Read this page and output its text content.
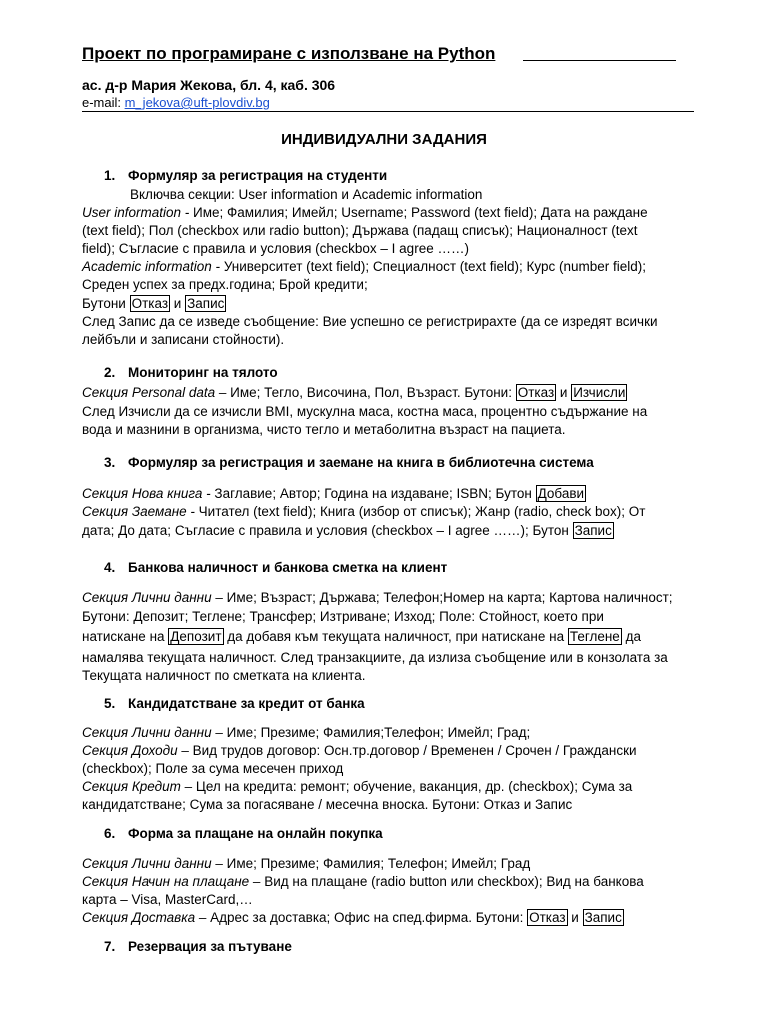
Проект по програмиране с използване на Python
ас. д-р Мария Жекова, бл. 4, каб. 306
e-mail: m_jekova@uft-plovdiv.bg
ИНДИВИДУАЛНИ ЗАДАНИЯ
1. Формуляр за регистрация на студенти
Включва секции: User information и Academic information
User information - Име; Фамилия; Имейл; Username; Password (text field); Дата на раждане
(text field); Пол (checkbox или radio button); Държава (падащ списък); Националност (text
field); Съгласие с правила и условия (checkbox – I agree ……)
Academic information - Университет (text field); Специалност (text field); Курс (number field);
Среден успех за предх.година; Брой кредити;
Бутони Отказ и Запис
След Запис да се изведе съобщение: Вие успешно се регистрирахте (да се изредят всички
лейбъли и записани стойности).
2. Мониторинг на тялото
Секция Personal data – Име; Тегло, Височина, Пол, Възраст. Бутони: Отказ и Изчисли
След Изчисли да се изчисли BMI, мускулна маса, костна маса, процентно съдържание на
вода и мазнини в организма, чисто тегло и метаболитна възраст на пациета.
3. Формуляр за регистрация и заемане на книга в библиотечна система
Секция Нова книга - Заглавие; Автор; Година на издаване; ISBN; Бутон Добави
Секция Заемане - Читател (text field); Книга (избор от списък); Жанр (radio, check box); От
дата; До дата; Съгласие с правила и условия (checkbox – I agree ……); Бутон Запис
4. Банкова наличност и банкова сметка на клиент
Секция Лични данни – Име; Възраст; Държава; Телефон;Номер на карта; Картова наличност;
Бутони: Депозит; Теглене; Трансфер; Изтриване; Изход; Поле: Стойност, което при
натискане на Депозит да добавя към текущата наличност, при натискане на Теглене да
намалява текущата наличност. След транзакциите, да излиза съобщение или в конзолата за
Текущата наличност по сметката на клиента.
5. Кандидатстване за кредит от банка
Секция Лични данни – Име; Презиме; Фамилия;Телефон; Имейл; Град;
Секция Доходи – Вид трудов договор: Осн.тр.договор / Временен / Срочен / Граждански
(checkbox); Поле за сума месечен приход
Секция Кредит – Цел на кредита: ремонт; обучение, ваканция, др. (checkbox); Сума за
кандидатстване; Сума за погасяване / месечна вноска. Бутони: Отказ и Запис
6. Форма за плащане на онлайн покупка
Секция Лични данни – Име; Презиме; Фамилия; Телефон; Имейл; Град
Секция Начин на плащане – Вид на плащане (radio button или checkbox); Вид на банкова
карта – Visa, MasterCard,…
Секция Доставка – Адрес за доставка; Офис на спед.фирма. Бутони: Отказ и Запис
7. Резервация за пътуване
